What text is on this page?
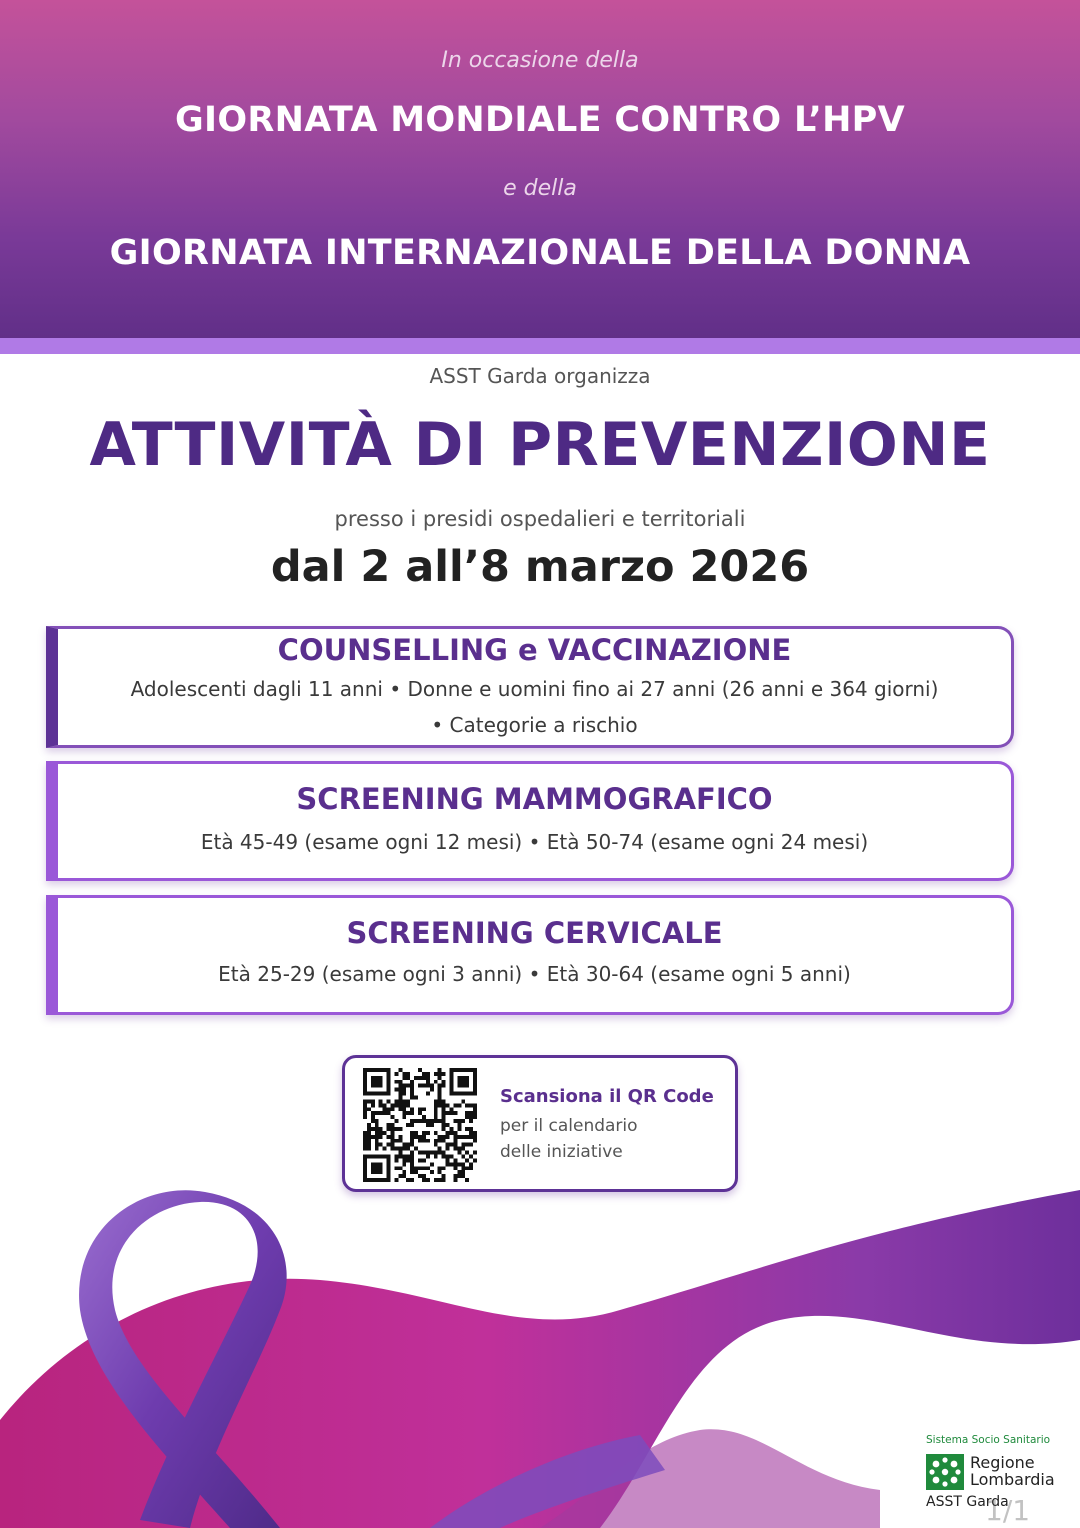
In occasione della
GIORNATA MONDIALE CONTRO L’HPV
e della
GIORNATA INTERNAZIONALE DELLA DONNA
ASST Garda organizza
ATTIVITÀ DI PREVENZIONE
presso i presidi ospedalieri e territoriali
dal 2 all’8 marzo 2026
COUNSELLING e VACCINAZIONE
Adolescenti dagli 11 anni • Donne e uomini fino ai 27 anni (26 anni e 364 giorni)
• Categorie a rischio
SCREENING MAMMOGRAFICO
Età 45-49 (esame ogni 12 mesi) • Età 50-74 (esame ogni 24 mesi)
SCREENING CERVICALE
Età 25-29 (esame ogni 3 anni) • Età 30-64 (esame ogni 5 anni)
Scansiona il QR Code
per il calendario
delle iniziative
Sistema Socio Sanitario
Regione
Lombardia
ASST Garda
1/1
